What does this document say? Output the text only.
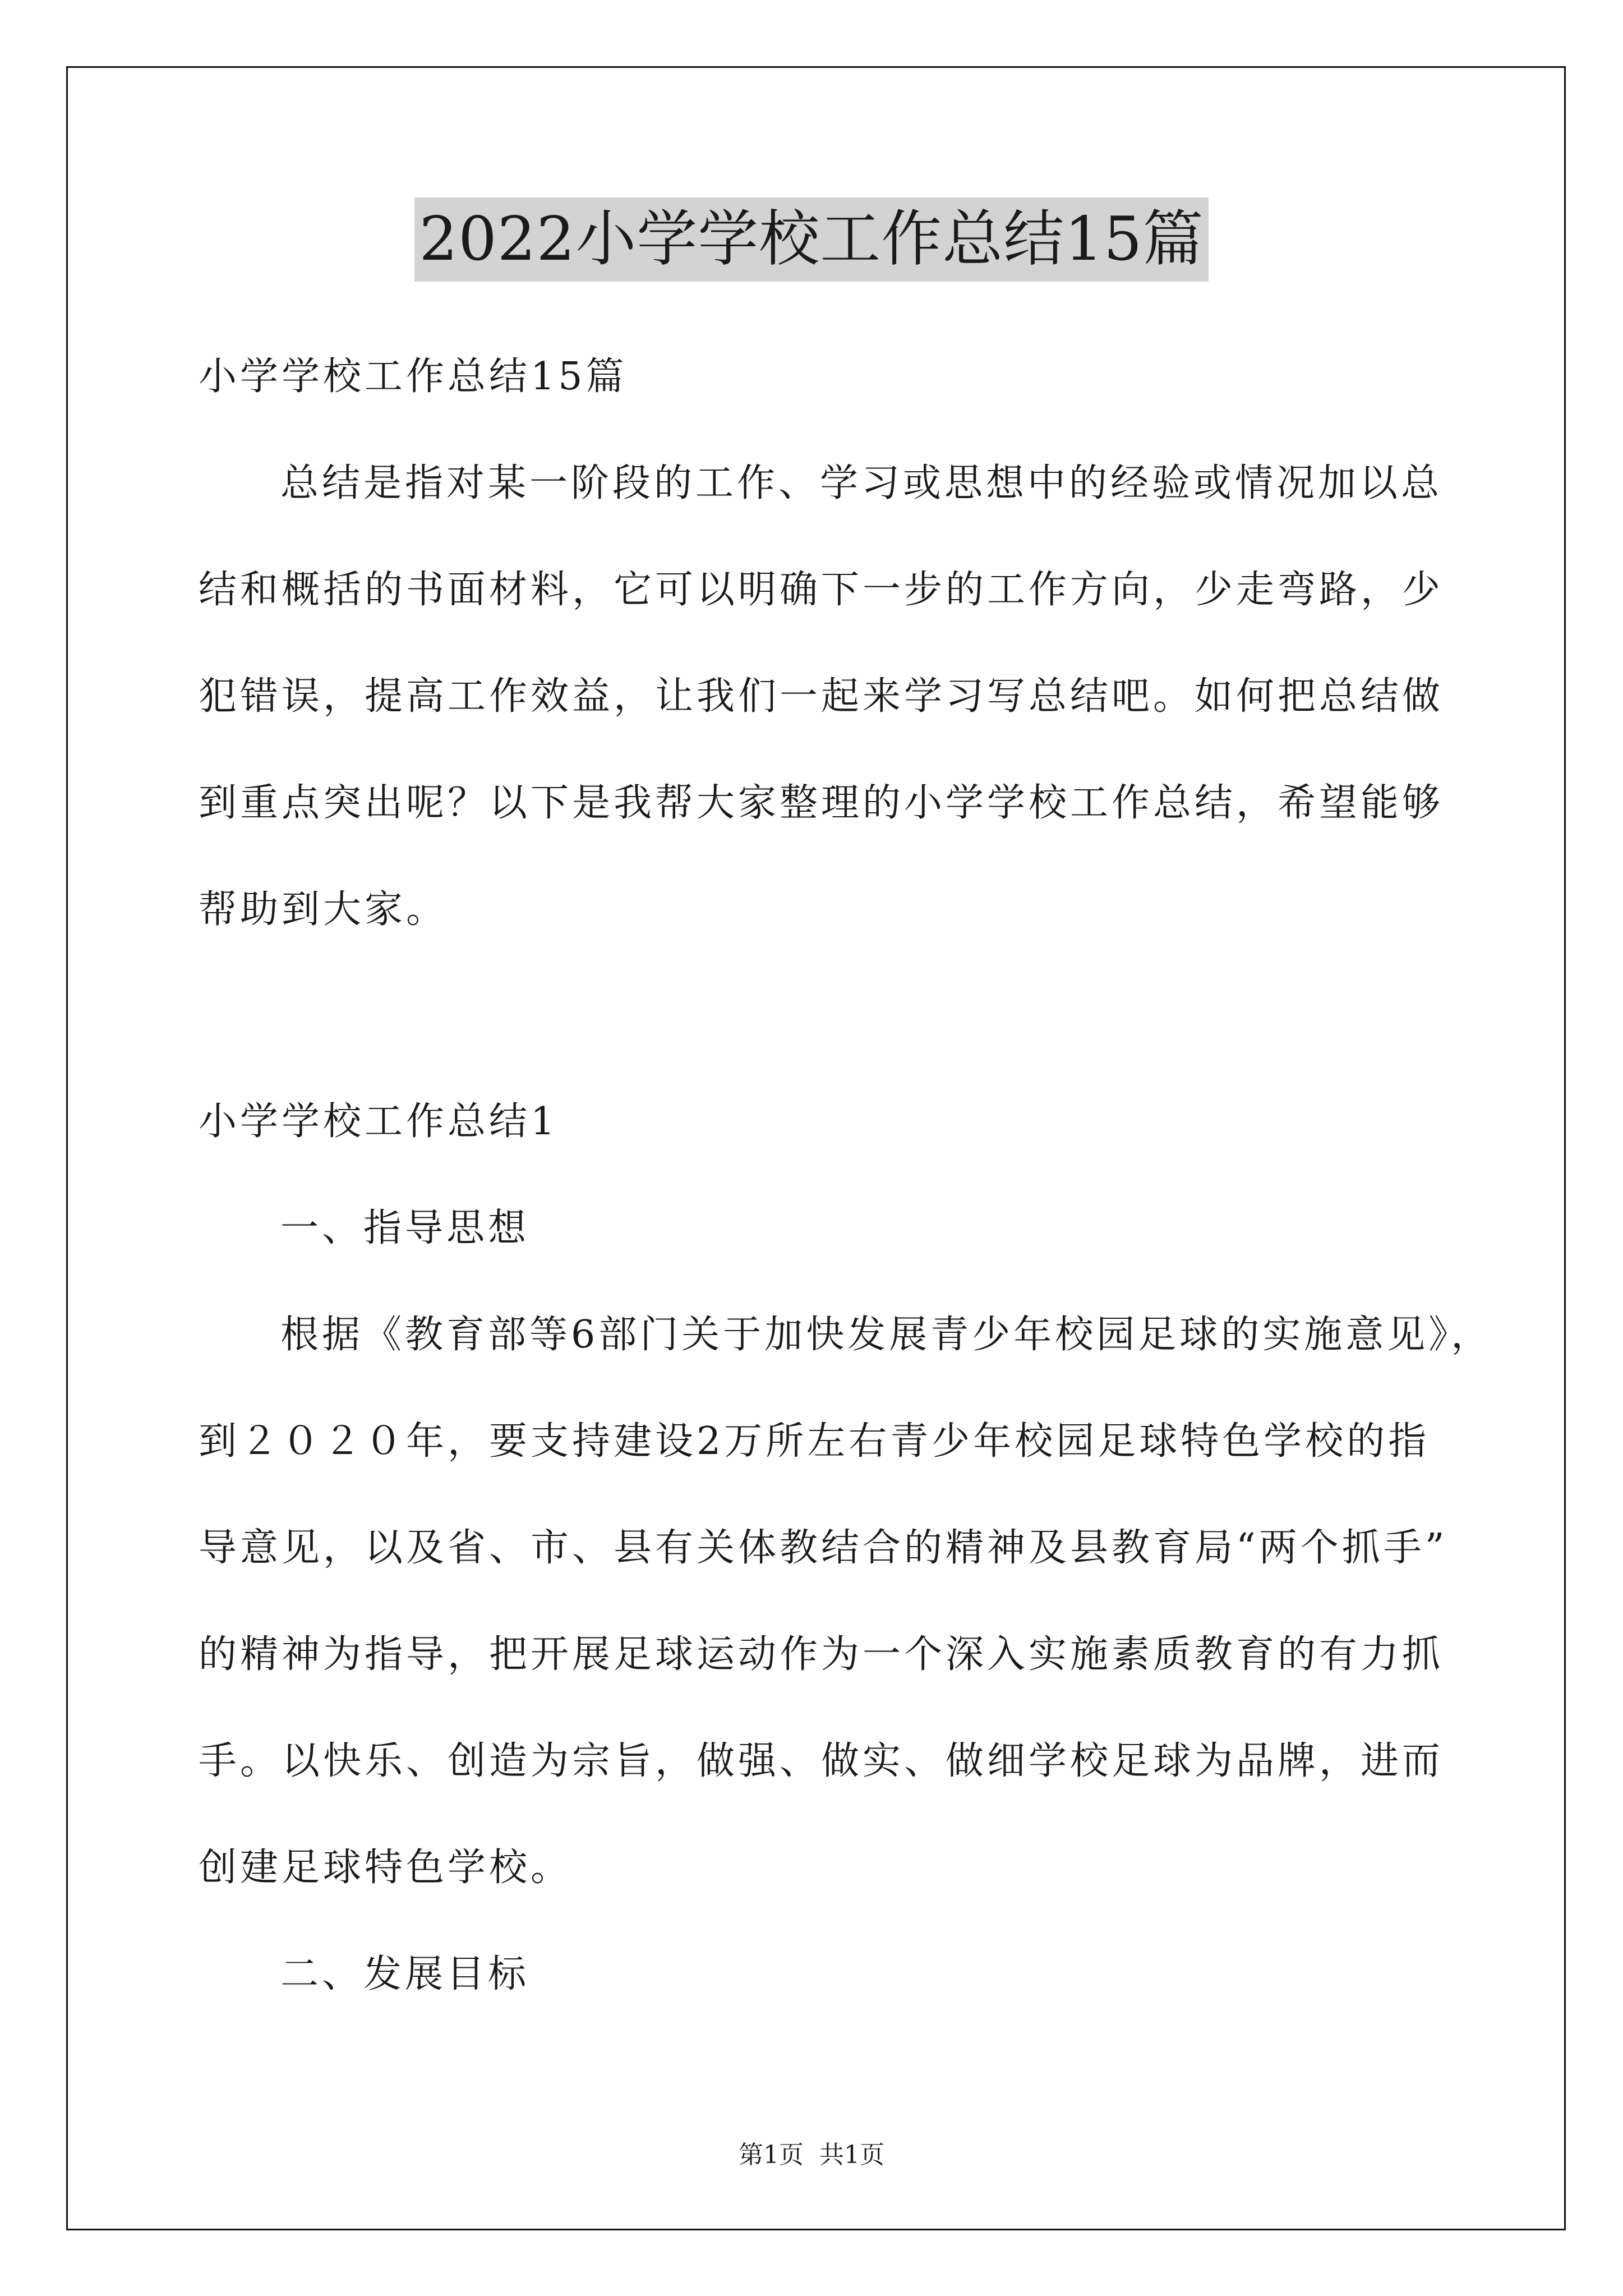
2022小学学校工作总结15篇
小学学校工作总结15篇
总结是指对某一阶段的工作、学习或思想中的经验或情况加以总
结和概括的书面材料，它可以明确下一步的工作方向，少走弯路，少
犯错误，提高工作效益，让我们一起来学习写总结吧。如何把总结做
到重点突出呢？以下是我帮大家整理的小学学校工作总结，希望能够
帮助到大家。
小学学校工作总结1
一、指导思想
根据《教育部等6部门关于加快发展青少年校园足球的实施意见》，
到２０２０年，要支持建设2万所左右青少年校园足球特色学校的指
导意见，以及省、市、县有关体教结合的精神及县教育局“两个抓手”
的精神为指导，把开展足球运动作为一个深入实施素质教育的有力抓
手。以快乐、创造为宗旨，做强、做实、做细学校足球为品牌，进而
创建足球特色学校。
二、发展目标
第1页 共1页
